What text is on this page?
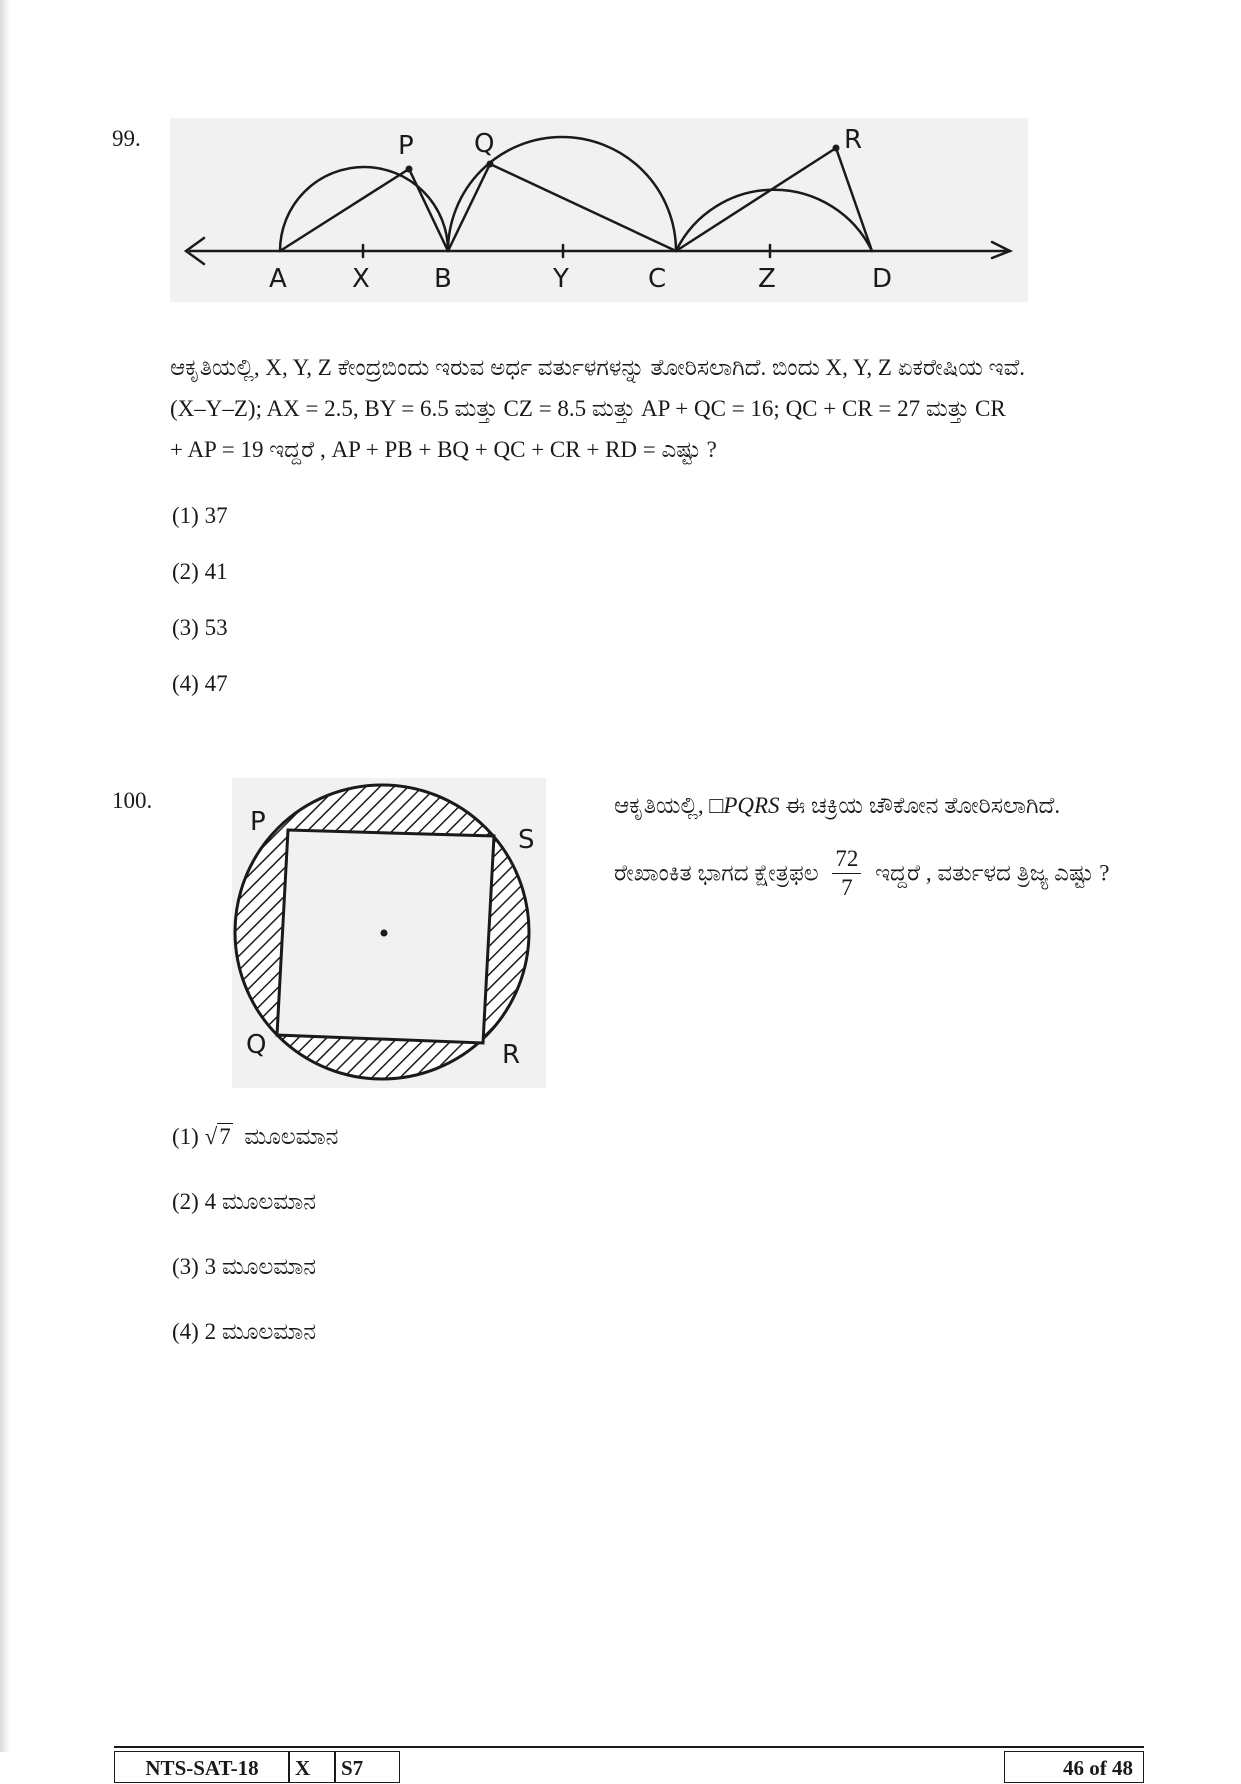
99.
A	X B	Y	C	Z	D
P Q	R

ಆಕೃತಿಯಲ್ಲಿ, X, Y, Z ಕೇಂದ್ರಬಿಂದು ಇರುವ ಅರ್ಧ ವರ್ತುಳಗಳನ್ನು ತೋರಿಸಲಾಗಿದೆ. ಬಿಂದು X, Y, Z ಏಕರೇಷಿಯ ಇವೆ.

(X–Y–Z); AX = 2.5, BY = 6.5 ಮತ್ತು CZ = 8.5 ಮತ್ತು AP + QC = 16; QC + CR = 27 ಮತ್ತು CR

+ AP = 19 ಇದ್ದರೆ , AP + PB + BQ + QC + CR + RD = ಎಷ್ಟು ?

(1) 37
(2) 41
(3) 53
(4) 47
100.
P
S
Q	R

ಆಕೃತಿಯಲ್ಲಿ, □PQRS ಈ ಚಕ್ರಿಯ ಚೌಕೋನ ತೋರಿಸಲಾಗಿದೆ.

ರೇಖಾಂಕಿತ ಭಾಗದ ಕ್ಷೇತ್ರಫಲ $\frac{72}{7}$ ಇದ್ದರೆ , ವರ್ತುಳದ ತ್ರಿಜ್ಯ ಎಷ್ಟು ?

(1) √7 ಮೂಲಮಾನ
(2) 4 ಮೂಲಮಾನ
(3) 3 ಮೂಲಮಾನ
(4) 2 ಮೂಲಮಾನ
NTS-SAT-18	X	S7	46 of 48
